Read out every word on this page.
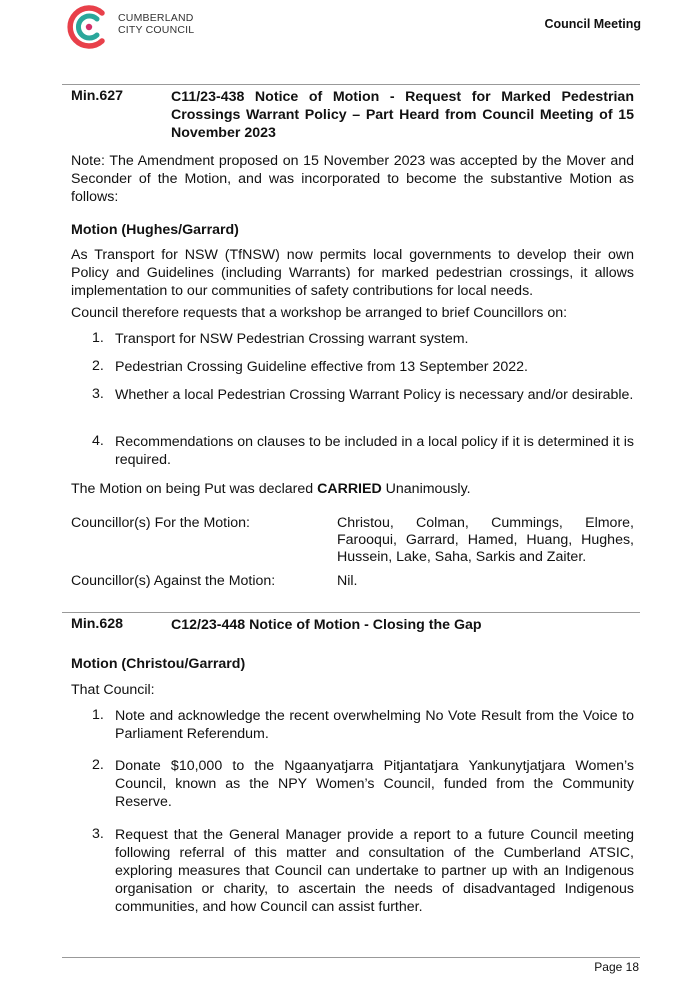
CUMBERLAND
CITY COUNCIL	Council Meeting
Min.627	C11/23-438 Notice of Motion - Request for Marked Pedestrian Crossings Warrant Policy – Part Heard from Council Meeting of 15 November 2023
Note: The Amendment proposed on 15 November 2023 was accepted by the Mover and Seconder of the Motion, and was incorporated to become the substantive Motion as follows:
Motion (Hughes/Garrard)
As Transport for NSW (TfNSW) now permits local governments to develop their own Policy and Guidelines (including Warrants) for marked pedestrian crossings, it allows implementation to our communities of safety contributions for local needs.
Council therefore requests that a workshop be arranged to brief Councillors on:
1. Transport for NSW Pedestrian Crossing warrant system.
2. Pedestrian Crossing Guideline effective from 13 September 2022.
3. Whether a local Pedestrian Crossing Warrant Policy is necessary and/or desirable.
4. Recommendations on clauses to be included in a local policy if it is determined it is required.
The Motion on being Put was declared CARRIED Unanimously.
Councillor(s) For the Motion:	Christou, Colman, Cummings, Elmore, Farooqui, Garrard, Hamed, Huang, Hughes, Hussein, Lake, Saha, Sarkis and Zaiter.
Councillor(s) Against the Motion:	Nil.
Min.628	C12/23-448 Notice of Motion - Closing the Gap
Motion (Christou/Garrard)
That Council:
1. Note and acknowledge the recent overwhelming No Vote Result from the Voice to Parliament Referendum.
2. Donate $10,000 to the Ngaanyatjarra Pitjantatjara Yankunytjatjara Women’s Council, known as the NPY Women’s Council, funded from the Community Reserve.
3. Request that the General Manager provide a report to a future Council meeting following referral of this matter and consultation of the Cumberland ATSIC, exploring measures that Council can undertake to partner up with an Indigenous organisation or charity, to ascertain the needs of disadvantaged Indigenous communities, and how Council can assist further.
Page 18
